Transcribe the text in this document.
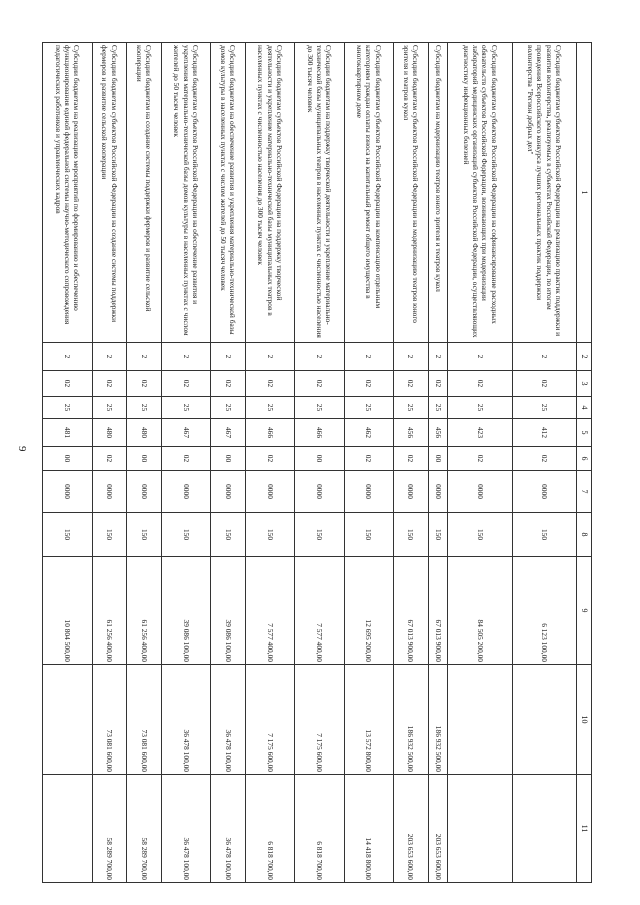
9
1	2	3	4	5	6	7	8	9	10	11
Субсидии бюджетам субъектов Российской Федерации на реализацию практик поддержки и развития волонтерства, реализуемых в субъектах Российской Федерации, по итогам проведения Всероссийского конкурса лучших региональных практик поддержки волонтерства "Регион добрых дел"	2	02	25	412	02	0000	150	6 123 100,00		
Субсидии бюджетам субъектов Российской Федерации на софинансирование расходных обязательств субъектов Российской Федерации, возникающих при модернизации лабораторий медицинских организаций субъектов Российской Федерации, осуществляющих диагностику инфекционных болезней	2	02	25	423	02	0000	150	84 505 200,00		
Субсидии бюджетам на модернизацию театров юного зрителя и театров кукол	2	02	25	456	00	0000	150	67 013 900,00	186 932 500,00	203 653 600,00
Субсидии бюджетам субъектов Российской Федерации на модернизацию театров юного зрителя и театров кукол	2	02	25	456	02	0000	150	67 013 900,00	186 932 500,00	203 653 600,00
Субсидии бюджетам субъектов Российской Федерации на компенсацию отдельным категориям граждан оплаты взноса на капитальный ремонт общего имущества в многоквартирном доме	2	02	25	462	02	0000	150	12 695 200,00	13 572 800,00	14 418 800,00
Субсидии бюджетам на поддержку творческой деятельности и укрепление материально-технической базы муниципальных театров в населенных пунктах с численностью населения до 300 тысяч человек	2	02	25	466	00	0000	150	7 577 400,00	7 175 600,00	6 818 700,00
Субсидии бюджетам субъектов Российской Федерации на поддержку творческой деятельности и укрепление материально-технической базы муниципальных театров в населенных пунктах с численностью населения до 300 тысяч человек	2	02	25	466	02	0000	150	7 577 400,00	7 175 600,00	6 818 700,00
Субсидии бюджетам на обеспечение развития и укрепления материально-технической базы домов культуры в населенных пунктах с числом жителей до 50 тысяч человек	2	02	25	467	00	0000	150	39 086 100,00	36 478 100,00	36 478 100,00
Субсидии бюджетам субъектов Российской Федерации на обеспечение развития и укрепления материально-технической базы домов культуры в населенных пунктах с числом жителей до 50 тысяч человек	2	02	25	467	02	0000	150	39 086 100,00	36 478 100,00	36 478 100,00
Субсидии бюджетам на создание системы поддержки фермеров и развитие сельской кооперации	2	02	25	480	00	0000	150	61 256 400,00	73 081 600,00	58 289 700,00
Субсидии бюджетам субъектов Российской Федерации на создание системы поддержки фермеров и развитие сельской кооперации	2	02	25	480	02	0000	150	61 256 400,00	73 081 600,00	58 289 700,00
Субсидии бюджетам на реализацию мероприятий по формированию и обеспечению функционирования единой федеральной системы научно-методического сопровождения педагогических работников и управленческих кадров	2	02	25	481	00	0000	150	10 804 500,00		
